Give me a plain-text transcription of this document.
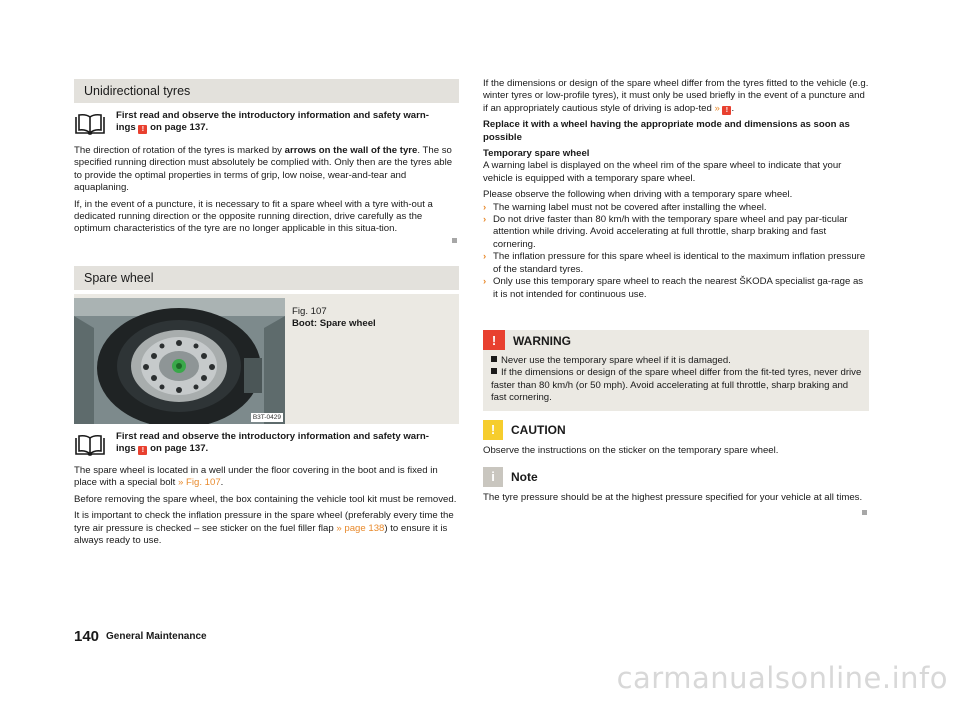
Unidirectional tyres
First read and observe the introductory information and safety warn-
ings ! on page 137.

The direction of rotation of the tyres is marked by arrows on the wall of the tyre. The so specified running direction must absolutely be complied with. Only then are the tyres able to provide the optimal properties in terms of grip, low noise, wear-and-tear and aquaplaning.

If, in the event of a puncture, it is necessary to fit a spare wheel with a tyre with-out a dedicated running direction or the opposite running direction, drive carefully as the optimum characteristics of the tyre are no longer applicable in this situa-tion.

Spare wheel
B3T-0429
Fig. 107
Boot: Spare wheel
First read and observe the introductory information and safety warn-
ings ! on page 137.

The spare wheel is located in a well under the floor covering in the boot and is fixed in place with a special bolt » Fig. 107.

Before removing the spare wheel, the box containing the vehicle tool kit must be removed.

It is important to check the inflation pressure in the spare wheel (preferably every time the tyre air pressure is checked – see sticker on the fuel filler flap » page 138) to ensure it is always ready to use.

If the dimensions or design of the spare wheel differ from the tyres fitted to the vehicle (e.g. winter tyres or low-profile tyres), it must only be used briefly in the event of a puncture and if an appropriately cautious style of driving is adop-ted » ! .

Replace it with a wheel having the appropriate mode and dimensions as soon as possible

Temporary spare wheel

A warning label is displayed on the wheel rim of the spare wheel to indicate that your vehicle is equipped with a temporary spare wheel.

Please observe the following when driving with a temporary spare wheel.

› The warning label must not be covered after installing the wheel.
› Do not drive faster than 80 km/h with the temporary spare wheel and pay par-ticular attention while driving. Avoid accelerating at full throttle, sharp braking and fast cornering.
› The inflation pressure for this spare wheel is identical to the maximum inflation pressure of the standard tyres.
› Only use this temporary spare wheel to reach the nearest ŠKODA specialist ga-rage as it is not intended for continuous use.
! WARNING

Never use the temporary spare wheel if it is damaged.

If the dimensions or design of the spare wheel differ from the fit-ted tyres, never drive faster than 80 km/h (or 50 mph). Avoid accelerating at full throttle, sharp braking and fast cornering.

!	CAUTION

Observe the instructions on the sticker on the temporary spare wheel.

i	Note

The tyre pressure should be at the highest pressure specified for your vehicle at all times.

140 General Maintenance
carmanualsonline.info
